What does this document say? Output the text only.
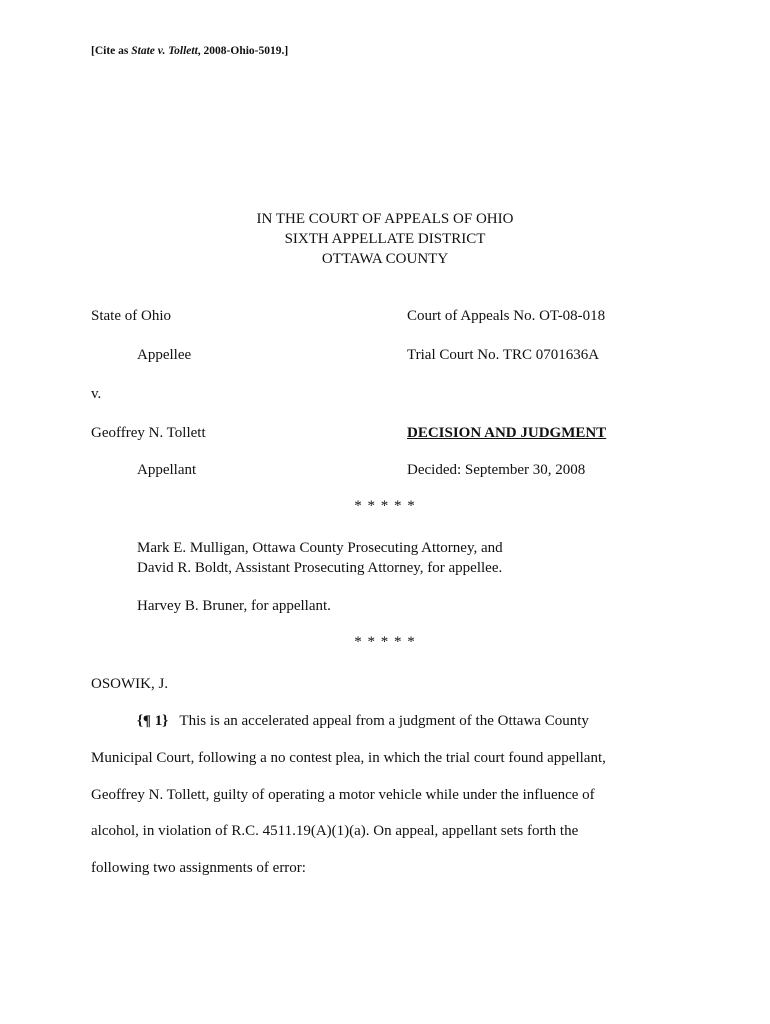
[Cite as State v. Tollett, 2008-Ohio-5019.]
IN THE COURT OF APPEALS OF OHIO
SIXTH APPELLATE DISTRICT
OTTAWA COUNTY
State of Ohio	Court of Appeals No. OT-08-018
Appellee	Trial Court No. TRC 0701636A
v.
Geoffrey N. Tollett	DECISION AND JUDGMENT
Appellant	Decided: September 30, 2008
* * * * *
Mark E. Mulligan, Ottawa County Prosecuting Attorney, and
David R. Boldt, Assistant Prosecuting Attorney, for appellee.
Harvey B. Bruner, for appellant.
* * * * *
OSOWIK, J.
{¶ 1} This is an accelerated appeal from a judgment of the Ottawa County
Municipal Court, following a no contest plea, in which the trial court found appellant,
Geoffrey N. Tollett, guilty of operating a motor vehicle while under the influence of
alcohol, in violation of R.C. 4511.19(A)(1)(a). On appeal, appellant sets forth the
following two assignments of error:
